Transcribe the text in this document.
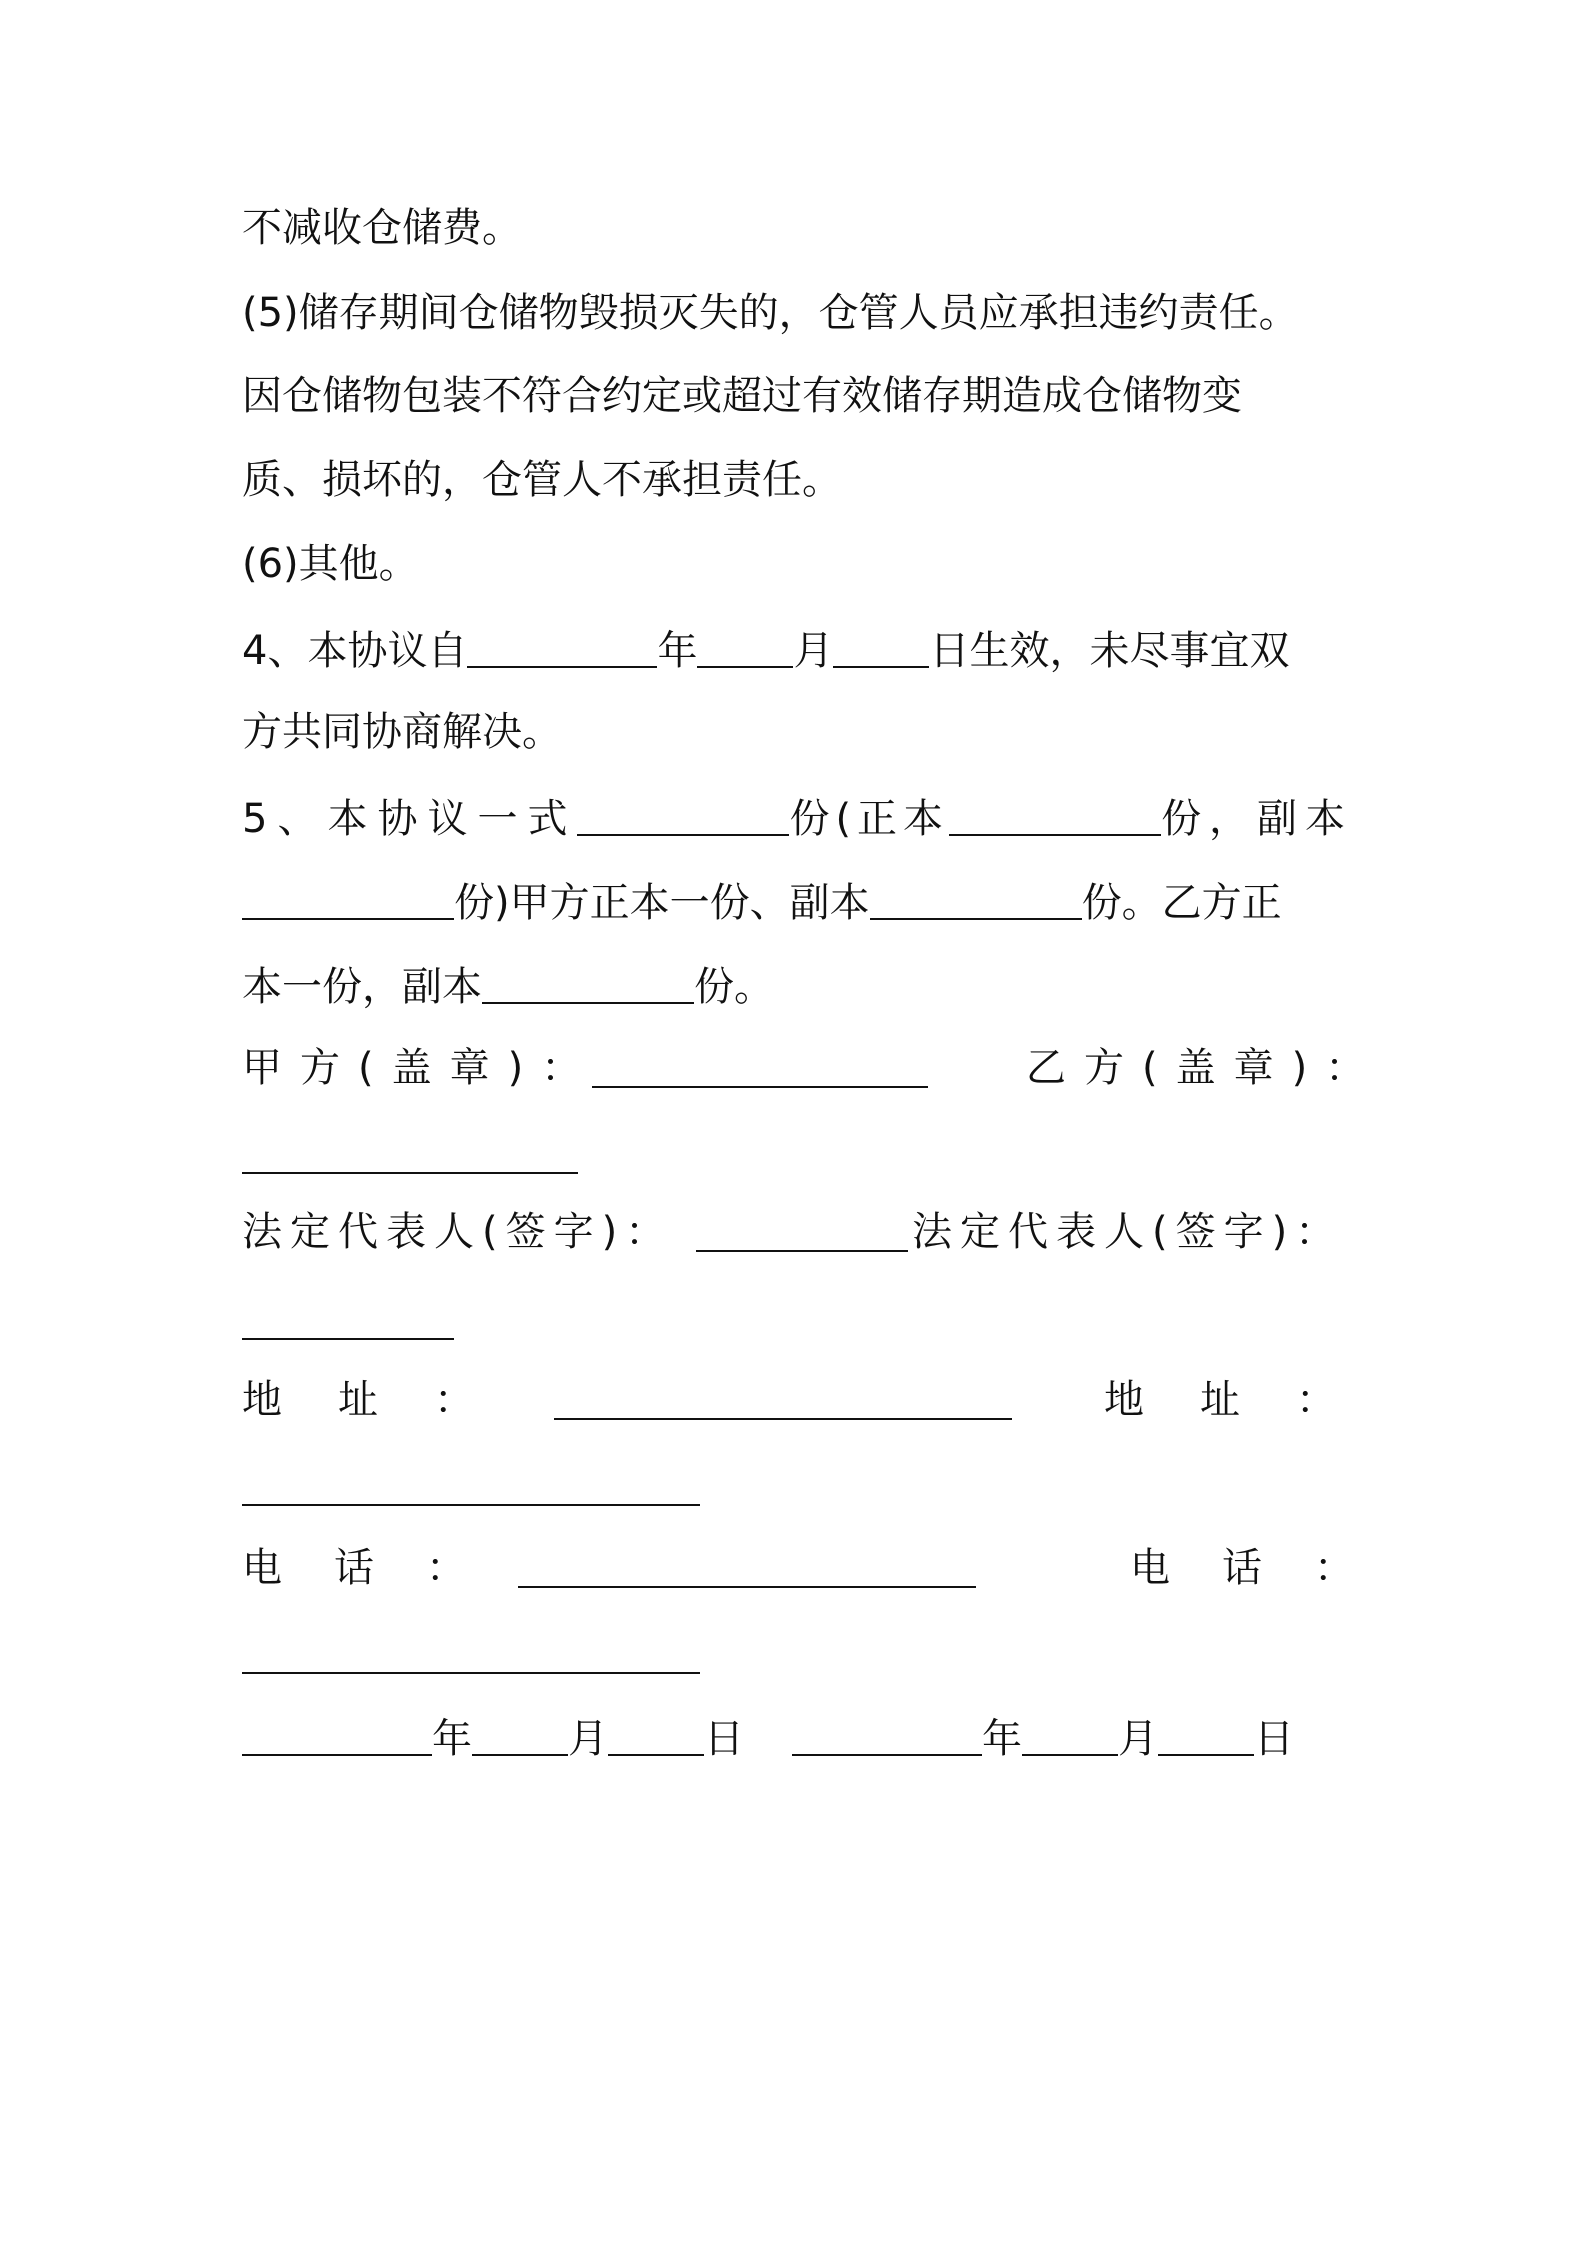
不减收仓储费。
(5)储存期间仓储物毁损灭失的，仓管人员应承担违约责任。
因仓储物包装不符合约定或超过有效储存期造成仓储物变
质、损坏的，仓管人不承担责任。
(6)其他。
4、本协议自	年 月 日生效，未尽事宜双
方共同协商解决。
5、本协议一式	份(正本	份，副本
份)甲方正本一份、副本	份。乙方正
本一份，副本	份。
甲方(盖章)：	乙方(盖章)：
法定代表人(签字)：	法定代表人(签字)：
地址：	地址：
电话：	电话：
年 月 日	年 月 日
